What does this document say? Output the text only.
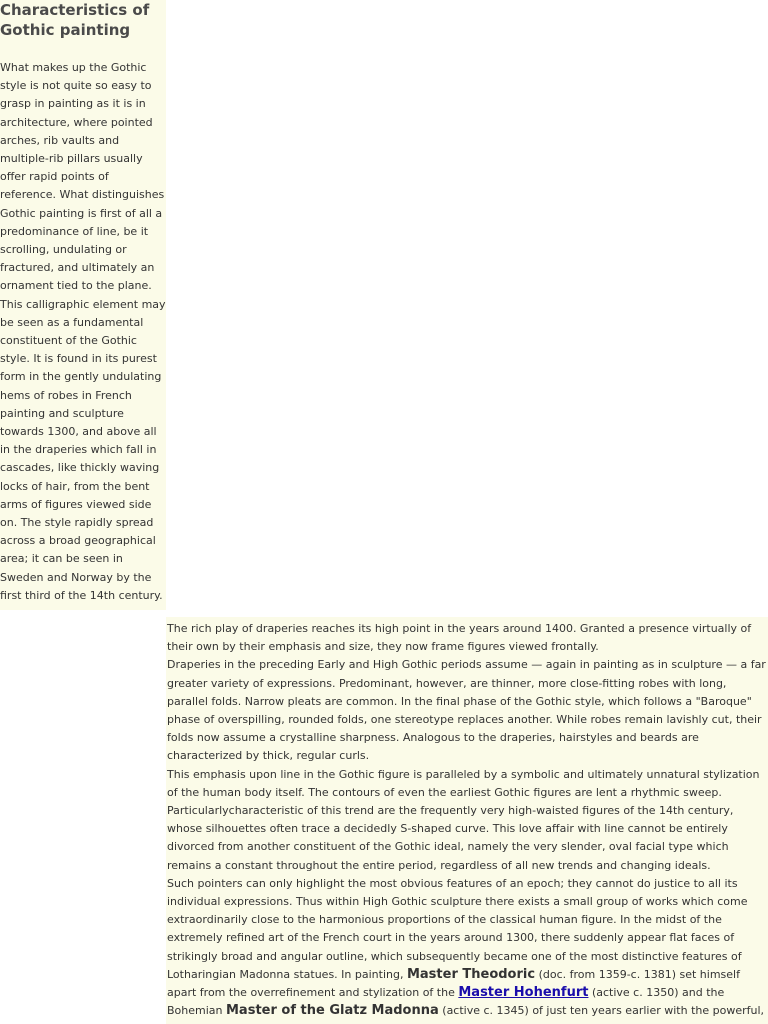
Characteristics of
Gothic painting

What makes up the Gothic
style is not quite so easy to
grasp in painting as it is in
architecture, where pointed
arches, rib vaults and
multiple-rib pillars usually
offer rapid points of
reference. What distinguishes
Gothic painting is first of all a
predominance of line, be it
scrolling, undulating or
fractured, and ultimately an
ornament tied to the plane.
This calligraphic element may
be seen as a fundamental
constituent of the Gothic
style. It is found in its purest
form in the gently undulating
hems of robes in French
painting and sculpture
towards 1300, and above all
in the draperies which fall in
cascades, like thickly waving
locks of hair, from the bent
arms of figures viewed side
on. The style rapidly spread
across a broad geographical
area; it can be seen in
Sweden and Norway by the
first third of the 14th century.

The rich play of draperies reaches its high point in the years around 1400. Granted a presence virtually of
their own by their emphasis and size, they now frame figures viewed frontally.
Draperies in the preceding Early and High Gothic periods assume — again in painting as in sculpture — a far
greater variety of expressions. Predominant, however, are thinner, more close-fitting robes with long,
parallel folds. Narrow pleats are common. In the final phase of the Gothic style, which follows a "Baroque"
phase of overspilling, rounded folds, one stereotype replaces another. While robes remain lavishly cut, their
folds now assume a crystalline sharpness. Analogous to the draperies, hairstyles and beards are
characterized by thick, regular curls.
This emphasis upon line in the Gothic figure is paralleled by a symbolic and ultimately unnatural stylization
of the human body itself. The contours of even the earliest Gothic figures are lent a rhythmic sweep.
Particularlycharacteristic of this trend are the frequently very high-waisted figures of the 14th century,
whose silhouettes often trace a decidedly S-shaped curve. This love affair with line cannot be entirely
divorced from another constituent of the Gothic ideal, namely the very slender, oval facial type which
remains a constant throughout the entire period, regardless of all new trends and changing ideals.
Such pointers can only highlight the most obvious features of an epoch; they cannot do justice to all its
individual expressions. Thus within High Gothic sculpture there exists a small group of works which come
extraordinarily close to the harmonious proportions of the classical human figure. In the midst of the
extremely refined art of the French court in the years around 1300, there suddenly appear flat faces of
strikingly broad and angular outline, which subsequently became one of the most distinctive features of
Lotharingian Madonna statues. In painting, Master Theodoric (doc. from 1359-c. 1381) set himself
apart from the overrefinement and stylization of the Master Hohenfurt (active c. 1350) and the
Bohemian Master of the Glatz Madonna (active c. 1345) of just ten years earlier with the powerful,
